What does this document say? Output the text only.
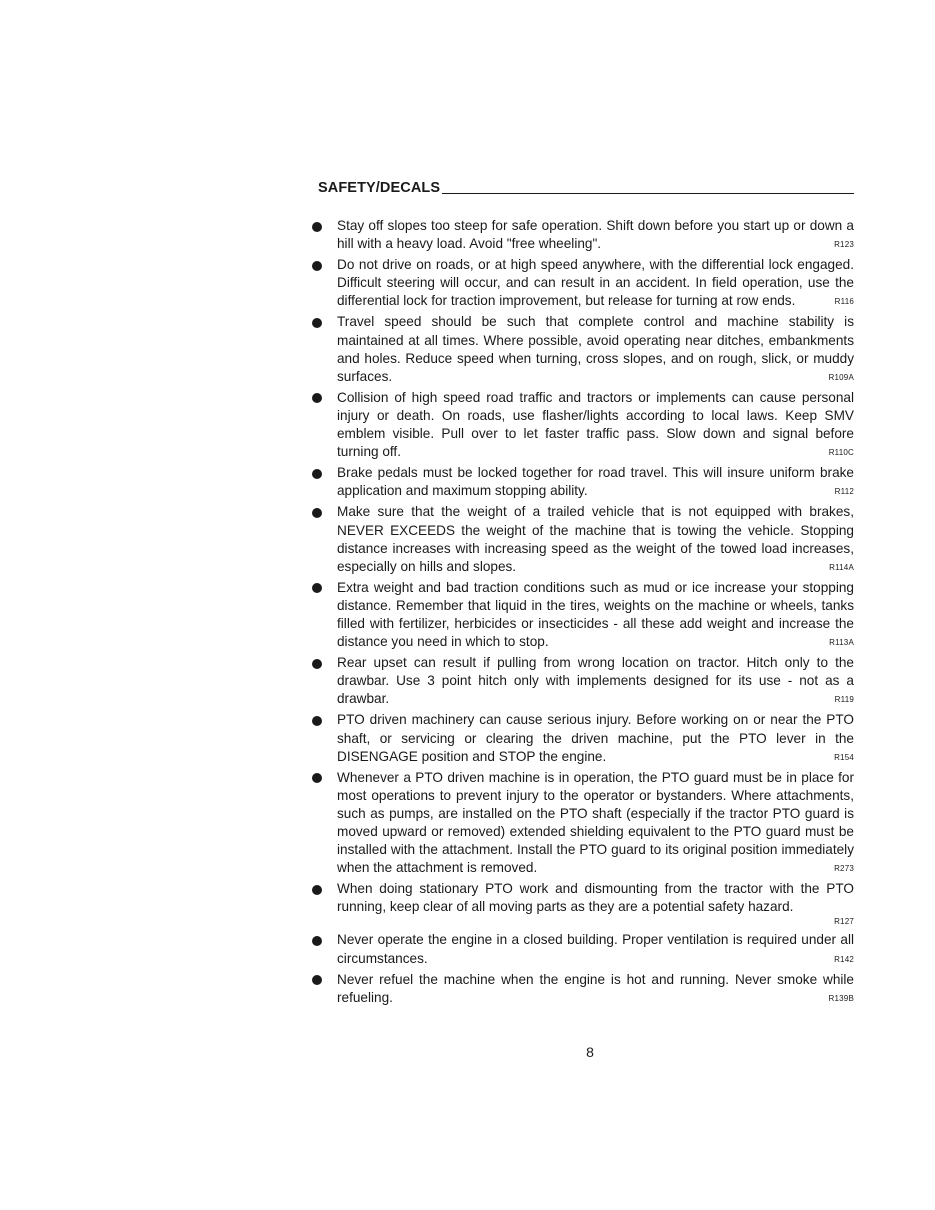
SAFETY/DECALS
Stay off slopes too steep for safe operation. Shift down before you start up or down a hill with a heavy load. Avoid "free wheeling".	R123
Do not drive on roads, or at high speed anywhere, with the differential lock engaged. Difficult steering will occur, and can result in an accident. In field operation, use the differential lock for traction improvement, but release for turning at row ends.	R116
Travel speed should be such that complete control and machine stability is maintained at all times. Where possible, avoid operating near ditches, embankments and holes. Reduce speed when turning, cross slopes, and on rough, slick, or muddy surfaces.	R109A
Collision of high speed road traffic and tractors or implements can cause personal injury or death. On roads, use flasher/lights according to local laws. Keep SMV emblem visible. Pull over to let faster traffic pass. Slow down and signal before turning off.	R110C
Brake pedals must be locked together for road travel. This will insure uniform brake application and maximum stopping ability.	R112
Make sure that the weight of a trailed vehicle that is not equipped with brakes, NEVER EXCEEDS the weight of the machine that is towing the vehicle. Stopping distance increases with increasing speed as the weight of the towed load increases, especially on hills and slopes.	R114A
Extra weight and bad traction conditions such as mud or ice increase your stopping distance. Remember that liquid in the tires, weights on the machine or wheels, tanks filled with fertilizer, herbicides or insecticides - all these add weight and increase the distance you need in which to stop.	R113A
Rear upset can result if pulling from wrong location on tractor. Hitch only to the drawbar. Use 3 point hitch only with implements designed for its use - not as a drawbar.	R119
PTO driven machinery can cause serious injury. Before working on or near the PTO shaft, or servicing or clearing the driven machine, put the PTO lever in the DISENGAGE position and STOP the engine.	R154
Whenever a PTO driven machine is in operation, the PTO guard must be in place for most operations to prevent injury to the operator or bystanders. Where attachments, such as pumps, are installed on the PTO shaft (especially if the tractor PTO guard is moved upward or removed) extended shielding equivalent to the PTO guard must be installed with the attachment. Install the PTO guard to its original position immediately when the attachment is removed.	R273
When doing stationary PTO work and dismounting from the tractor with the PTO running, keep clear of all moving parts as they are a potential safety hazard.
R127
Never operate the engine in a closed building. Proper ventilation is required under all circumstances.	R142
Never refuel the machine when the engine is hot and running. Never smoke while refueling.	R139B
8
